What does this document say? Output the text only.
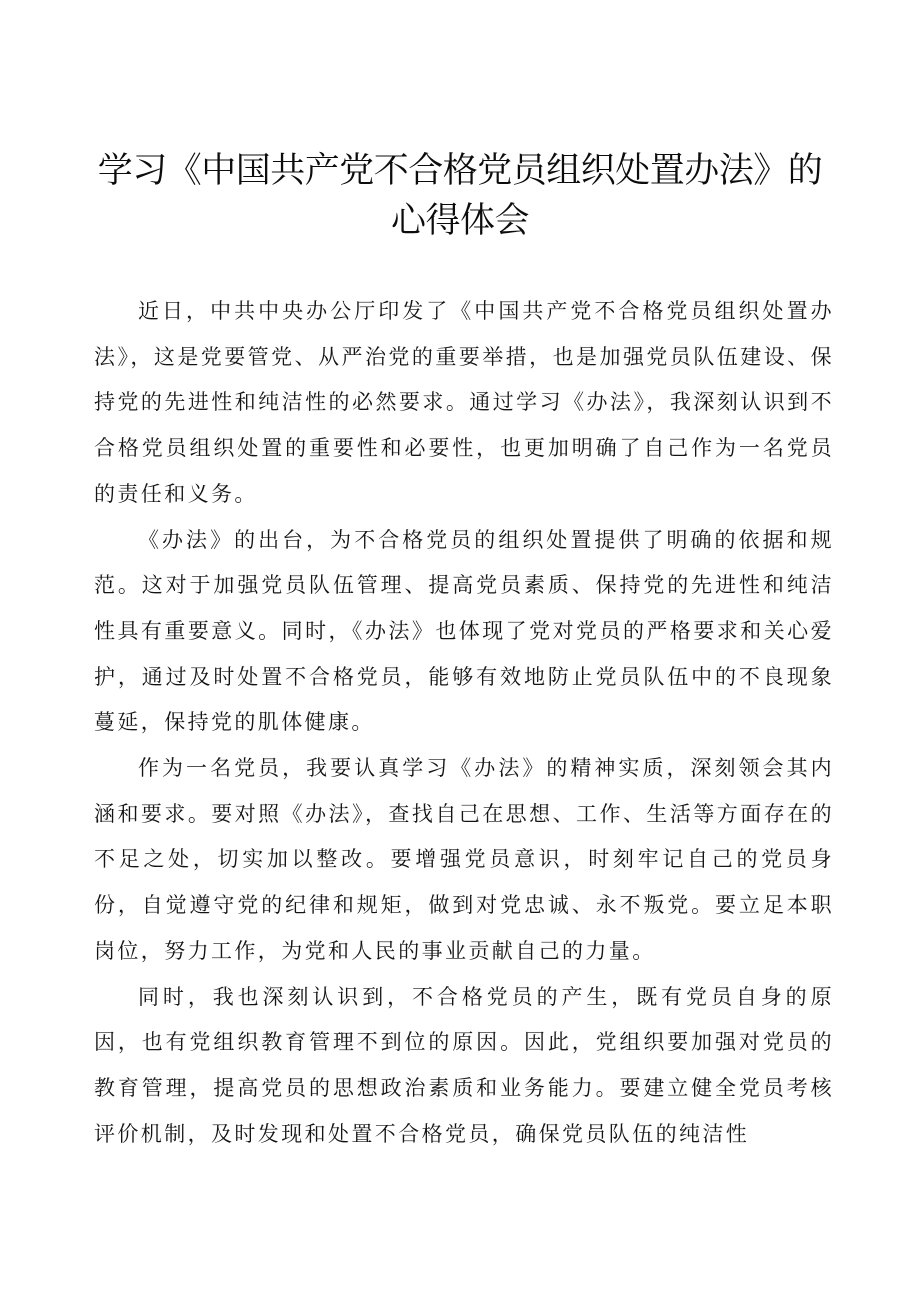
学习《中国共产党不合格党员组织处置办法》的
心得体会

近日，中共中央办公厅印发了《中国共产党不合格党员组织处置办法》，这是党要管党、从严治党的重要举措，也是加强党员队伍建设、保持党的先进性和纯洁性的必然要求。通过学习《办法》，我深刻认识到不合格党员组织处置的重要性和必要性，也更加明确了自己作为一名党员的责任和义务。

《办法》的出台，为不合格党员的组织处置提供了明确的依据和规范。这对于加强党员队伍管理、提高党员素质、保持党的先进性和纯洁性具有重要意义。同时，《办法》也体现了党对党员的严格要求和关心爱护，通过及时处置不合格党员，能够有效地防止党员队伍中的不良现象蔓延，保持党的肌体健康。

作为一名党员，我要认真学习《办法》的精神实质，深刻领会其内涵和要求。要对照《办法》，查找自己在思想、工作、生活等方面存在的不足之处，切实加以整改。要增强党员意识，时刻牢记自己的党员身份，自觉遵守党的纪律和规矩，做到对党忠诚、永不叛党。要立足本职岗位，努力工作，为党和人民的事业贡献自己的力量。

同时，我也深刻认识到，不合格党员的产生，既有党员自身的原因，也有党组织教育管理不到位的原因。因此，党组织要加强对党员的教育管理，提高党员的思想政治素质和业务能力。要建立健全党员考核评价机制，及时发现和处置不合格党员，确保党员队伍的纯洁性
